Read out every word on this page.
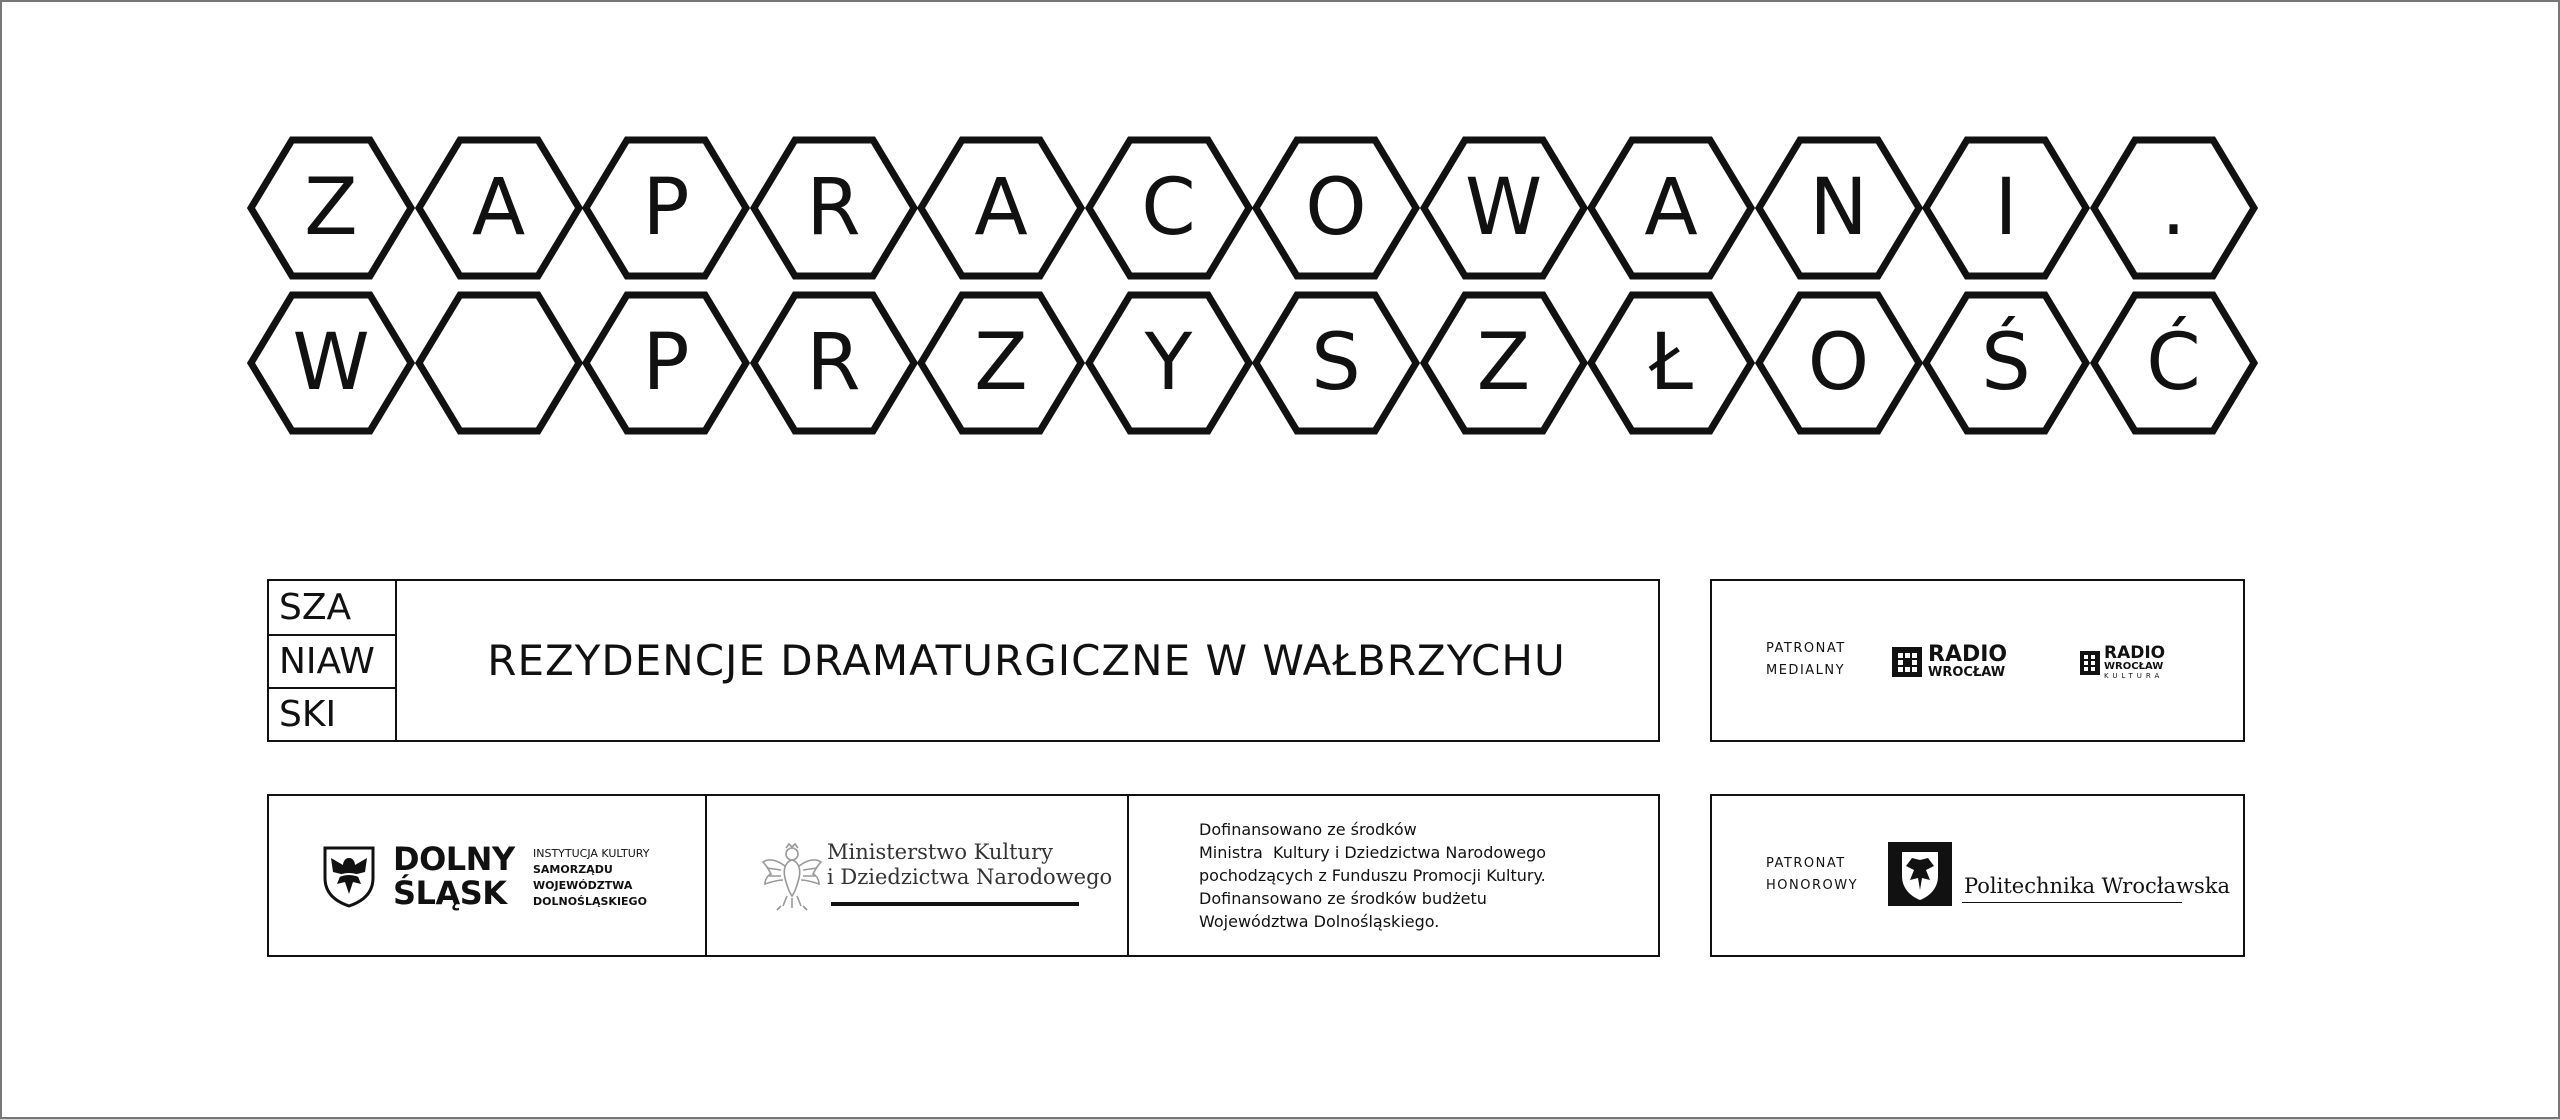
Z	A	P	R	A	C	O	W	A	N	I	.
W	P	R	Z	Y	S	Z	Ł	O	Ś	Ć
SZA
NIAW
SKI
REZYDENCJE DRAMATURGICZNE W WAŁBRZYCHU	PATRONAT
MEDIALNY
RADIO
WROCŁAW
RADIO
WROCŁAW
KULTURA
DOLNY
ŚLĄSK
INSTYTUCJA KULTURY
SAMORZĄDU
WOJEWÓDZTWA
DOLNOŚLĄSKIEGO
Ministerstwo Kultury
i Dziedzictwa Narodowego
Dofinansowano ze środków
Ministra  Kultury i Dziedzictwa Narodowego
pochodzących z Funduszu Promocji Kultury.
Dofinansowano ze środków budżetu
Województwa Dolnośląskiego.
PATRONAT
HONOROWY	Politechnika Wrocławska
